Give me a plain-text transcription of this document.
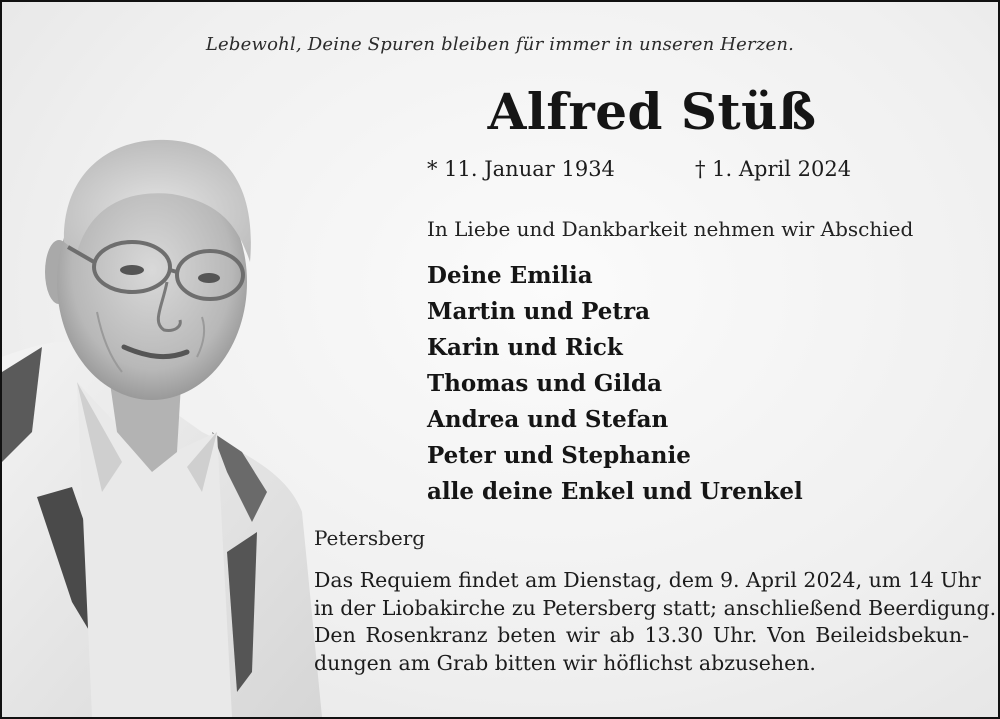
Lebewohl, Deine Spuren bleiben für immer in unseren Herzen.
Alfred Stüß
* 11. Januar 1934	† 1. April 2024
In Liebe und Dankbarkeit nehmen wir Abschied
Deine Emilia
Martin und Petra
Karin und Rick
Thomas und Gilda
Andrea und Stefan
Peter und Stephanie
alle deine Enkel und Urenkel
Petersberg
Das Requiem findet am Dienstag, dem 9. April 2024, um 14 Uhr
in der Liobakirche zu Petersberg statt; anschließend Beerdigung.
Den Rosenkranz beten wir ab 13.30 Uhr. Von Beileidsbekun-
dungen am Grab bitten wir höflichst abzusehen.
